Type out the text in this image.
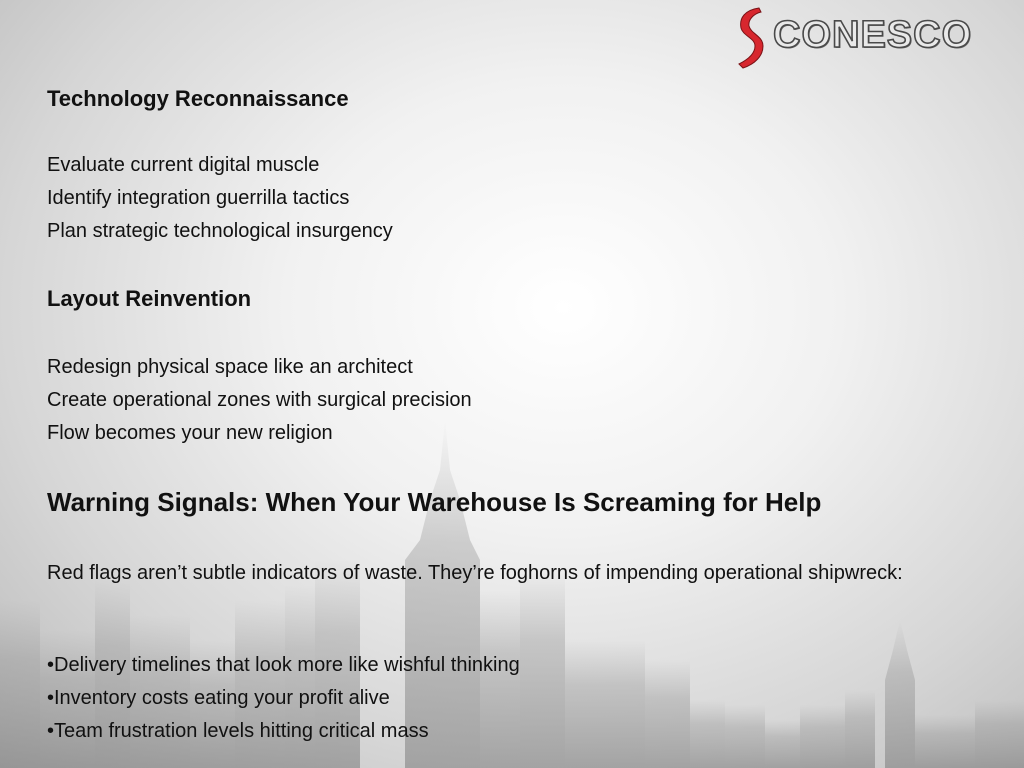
CONESCO
Technology Reconnaissance
Evaluate current digital muscle
Identify integration guerrilla tactics
Plan strategic technological insurgency
Layout Reinvention
Redesign physical space like an architect
Create operational zones with surgical precision
Flow becomes your new religion
Warning Signals: When Your Warehouse Is Screaming for Help
Red flags aren’t subtle indicators of waste. They’re foghorns of impending operational shipwreck:
•Delivery timelines that look more like wishful thinking
•Inventory costs eating your profit alive
•Team frustration levels hitting critical mass
